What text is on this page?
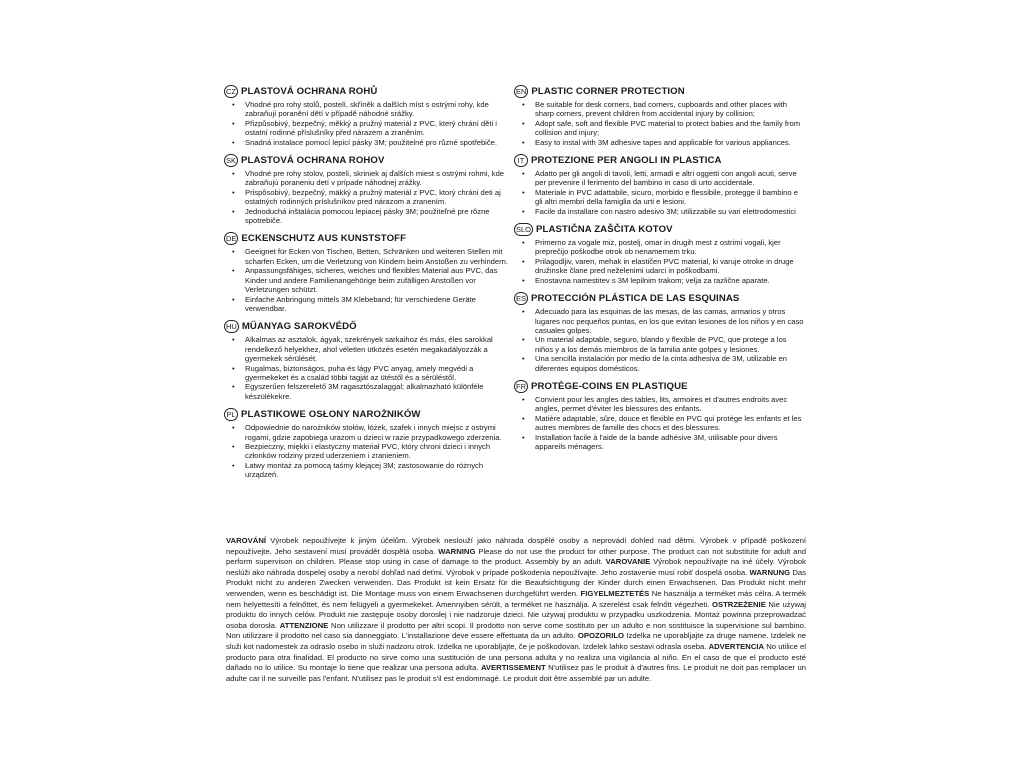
CZ PLASTOVÁ OCHRANA ROHŮ
• Vhodné pro rohy stolů, postelí, skříněk a dalších míst s ostrými rohy, kde zabraňují poranění dětí v případě náhodné srážky.
• Přizpůsobivý, bezpečný, měkký a pružný materiál z PVC, který chrání děti i ostatní rodinné příslušníky před nárazem a zraněním.
• Snadná instalace pomocí lepicí pásky 3M; použitelné pro různé spotřebiče.
SK PLASTOVÁ OCHRANA ROHOV
• Vhodné pre rohy stolov, postelí, skriniek aj ďalších miest s ostrými rohmi, kde zabraňujú poraneniu detí v prípade náhodnej zrážky.
• Prispôsobivý, bezpečný, mäkký a pružný materiál z PVC, ktorý chráni deti aj ostatných rodinných príslušníkov pred nárazom a zranením.
• Jednoduchá inštalácia pomocou lepiacej pásky 3M; použiteľné pre rôzne spotrebiče.
DE ECKENSCHUTZ AUS KUNSTSTOFF
• Geeignet für Ecken von Tischen, Betten, Schränken und weiteren Stellen mit scharfen Ecken, um die Verletzung von Kindern beim Anstoßen zu verhindern.
• Anpassungsfähiges, sicheres, weiches und flexibles Material aus PVC, das Kinder und andere Familienangehörige beim zufälligen Anstoßen vor Verletzungen schützt.
• Einfache Anbringung mittels 3M Klebeband; für verschiedene Geräte verwendbar.
HU MŰANYAG SAROKVÉDŐ
• Alkalmas az asztalok, ágyak, szekrények sarkaihoz és más, éles sarokkal rendelkező helyekhez, ahol véletlen ütközés esetén megakadályozzák a gyermekek sérülését.
• Rugalmas, biztonságos, puha és lágy PVC anyag, amely megvédi a gyermekeket és a család többi tagját az ütéstől és a sérüléstől.
• Egyszerűen felszerelető 3M ragasztószalaggal; alkalmazható különféle készülékekre.
PL PLASTIKOWE OSŁONY NAROŻNIKÓW
• Odpowiednie do narożników stołów, łóżek, szafek i innych miejsc z ostrymi rogami, gdzie zapobiega urazom u dzieci w razie przypadkowego zderzenia.
• Bezpieczny, miękki i elastyczny materiał PVC, który chroni dzieci i innych członków rodziny przed uderzeniem i zranieniem.
• Łatwy montaż za pomocą taśmy klejącej 3M; zastosowanie do różnych urządzeń.
EN PLASTIC CORNER PROTECTION
• Be suitable for desk corners, bad corners, cupboards and other places with sharp corners, prevent children from accidental injury by collision;
• Adopt safe, soft and flexible PVC material to protect babies and the family from collision and injury;
• Easy to instal with 3M adhesive tapes and applicable for various appliances.
IT PROTEZIONE PER ANGOLI IN PLASTICA
• Adatto per gli angoli di tavoli, letti, armadi e altri oggetti con angoli acuti, serve per prevenire il ferimento del bambino in caso di urto accidentale.
• Materiale in PVC adattabile, sicuro, morbido e flessibile, protegge il bambino e gli altri membri della famiglia da urti e lesioni.
• Facile da installare con nastro adesivo 3M; utilizzabile su vari elettrodomestici
SLO PLASTIČNA ZAŠČITA KOTOV
• Primerno za vogale miz, postelj, omar in drugih mest z ostrimi vogali, kjer preprečijo poškodbe otrok ob nenamernem trku.
• Prilagodljiv, varen, mehak in elastičen PVC material, ki varuje otroke in druge družinske člane pred neželenimi udarci in poškodbami.
• Enostavna namestitev s 3M lepilnim trakom; velja za različne aparate.
ES PROTECCIÓN PLÁSTICA DE LAS ESQUINAS
• Adecuado para las esquinas de las mesas, de las camas, armarios y otros lugares noc pequeños puntas, en los que evitan lesiones de los niños y en caso casuales golpes.
• Un material adaptable, seguro, blando y flexible de PVC, que protege a los niños y a los demás miembros de la familia ante golpes y lesiones.
• Una sencilla instalación por medio de la cinta adhesiva de 3M, utilizable en diferentes equipos domésticos.
FR PROTÈGE-COINS EN PLASTIQUE
• Convient pour les angles des tables, lits, armoires et d'autres endroits avec angles, permet d'éviter les blessures des enfants.
• Matière adaptable, sûre, douce et flexible en PVC qui protège les enfants et les autres membres de famille des chocs et des blessures.
• Installation facile à l'aide de la bande adhésive 3M, utilisable pour divers appareils ménagers.
VAROVÁNÍ Výrobek nepoužívejte k jiným účelům. Výrobek neslouží jako náhrada dospělé osoby a neprovádí dohled nad dětmi. Výrobek v případě poškození nepoužívejte. Jeho sestavení musí provádět dospělá osoba. WARNING Please do not use the product for other purpose. The product can not substitute for adult and perform supervison on children. Please stop using in case of damage to the product. Assembly by an adult. VAROVANIE Výrobok nepoužívajte na iné účely. Výrobok neslúži ako náhrada dospelej osoby a nerobí dohľad nad deťmi. Výrobok v prípade poškodenia nepoužívajte. Jeho zostavenie musí robiť dospelá osoba. WARNUNG Das Produkt nicht zu anderen Zwecken verwenden. Das Produkt ist kein Ersatz für die Beaufsichtigung der Kinder durch einen Erwachsenen. Das Produkt nicht mehr verwenden, wenn es beschädigt ist. Die Montage muss von einem Erwachsenen durchgeführt werden. FIGYELMEZTETÉS Ne használja a terméket más célra. A termék nem helyettesíti a felnőttet, és nem felügyeli a gyermekeket. Amennyiben sérült, a terméket ne használja. A szerelést csak felnőtt végezheti. OSTRZEŻENIE Nie używaj produktu do innych celów. Produkt nie zastępuje osoby dorosłej i nie nadzoruje dzieci. Nie używaj produktu w przypadku uszkodzenia. Montaż powinna przeprowadzać osoba dorosła. ATTENZIONE Non utilizzare il prodotto per altri scopi. Il prodotto non serve come sostituto per un adulto e non sostituisce la supervisione sul bambino. Non utilizzare il prodotto nel caso sia danneggiato. L'installazione deve essere effettuata da un adulto. OPOZORILO Izdelka ne uporabljajte za druge namene. Izdelek ne služi kot nadomestek za odraslo osebo in služi nadzoru otrok. Izdelka ne uporabljajte, če je poškodovan. Izdelek lahko sestavi odrasla oseba. ADVERTENCIA No utilice el producto para otra finalidad. El producto no sirve como una sustitución de una persona adulta y no realiza una vigilancia al niño. En el caso de que el producto esté dañado no lo utilice. Su montaje lo tiene que realizar una persona adulta. AVERTISSEMENT N'utilisez pas le produit à d'autres fins. Le produit ne doit pas remplacer un adulte car il ne surveille pas l'enfant. N'utilisez pas le produit s'il est endommagé. Le produit doit être assemblé par un adulte.
